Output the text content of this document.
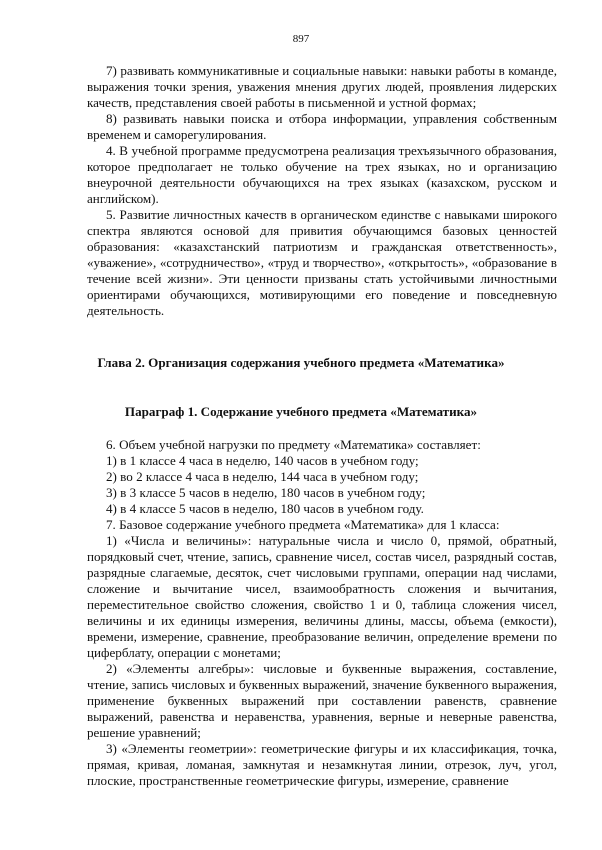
897

7) развивать коммуникативные и социальные навыки: навыки работы в команде, выражения точки зрения, уважения мнения других людей, проявления лидерских качеств, представления своей работы в письменной и устной формах;

8) развивать навыки поиска и отбора информации, управления собственным временем и саморегулирования.

4. В учебной программе предусмотрена реализация трехъязычного образования, которое предполагает не только обучение на трех языках, но и организацию внеурочной деятельности обучающихся на трех языках (казахском, русском и английском).

5. Развитие личностных качеств в органическом единстве с навыками широкого спектра являются основой для привития обучающимся базовых ценностей образования: «казахстанский патриотизм и гражданская ответственность», «уважение», «сотрудничество», «труд и творчество», «открытость», «образование в течение всей жизни». Эти ценности призваны стать устойчивыми личностными ориентирами обучающихся, мотивирующими его поведение и повседневную деятельность.

Глава 2. Организация содержания учебного предмета «Математика»
Параграф 1. Содержание учебного предмета «Математика»

6. Объем учебной нагрузки по предмету «Математика» составляет:

1) в 1 классе 4 часа в неделю, 140 часов в учебном году;

2) во 2 классе 4 часа в неделю, 144 часа в учебном году;

3) в 3 классе 5 часов в неделю, 180 часов в учебном году;

4) в 4 классе 5 часов в неделю, 180 часов в учебном году.

7. Базовое содержание учебного предмета «Математика» для 1 класса:

1) «Числа и величины»: натуральные числа и число 0, прямой, обратный, порядковый счет, чтение, запись, сравнение чисел, состав чисел, разрядный состав, разрядные слагаемые, десяток, счет числовыми группами, операции над числами, сложение и вычитание чисел, взаимообратность сложения и вычитания, переместительное свойство сложения, свойство 1 и 0, таблица сложения чисел, величины и их единицы измерения, величины длины, массы, объема (емкости), времени, измерение, сравнение, преобразование величин, определение времени по циферблату, операции с монетами;

2) «Элементы алгебры»: числовые и буквенные выражения, составление, чтение, запись числовых и буквенных выражений, значение буквенного выражения, применение буквенных выражений при составлении равенств, сравнение выражений, равенства и неравенства, уравнения, верные и неверные равенства, решение уравнений;

3) «Элементы геометрии»: геометрические фигуры и их классификация, точка, прямая, кривая, ломаная, замкнутая и незамкнутая линии, отрезок, луч, угол, плоские, пространственные геометрические фигуры, измерение, сравнение
